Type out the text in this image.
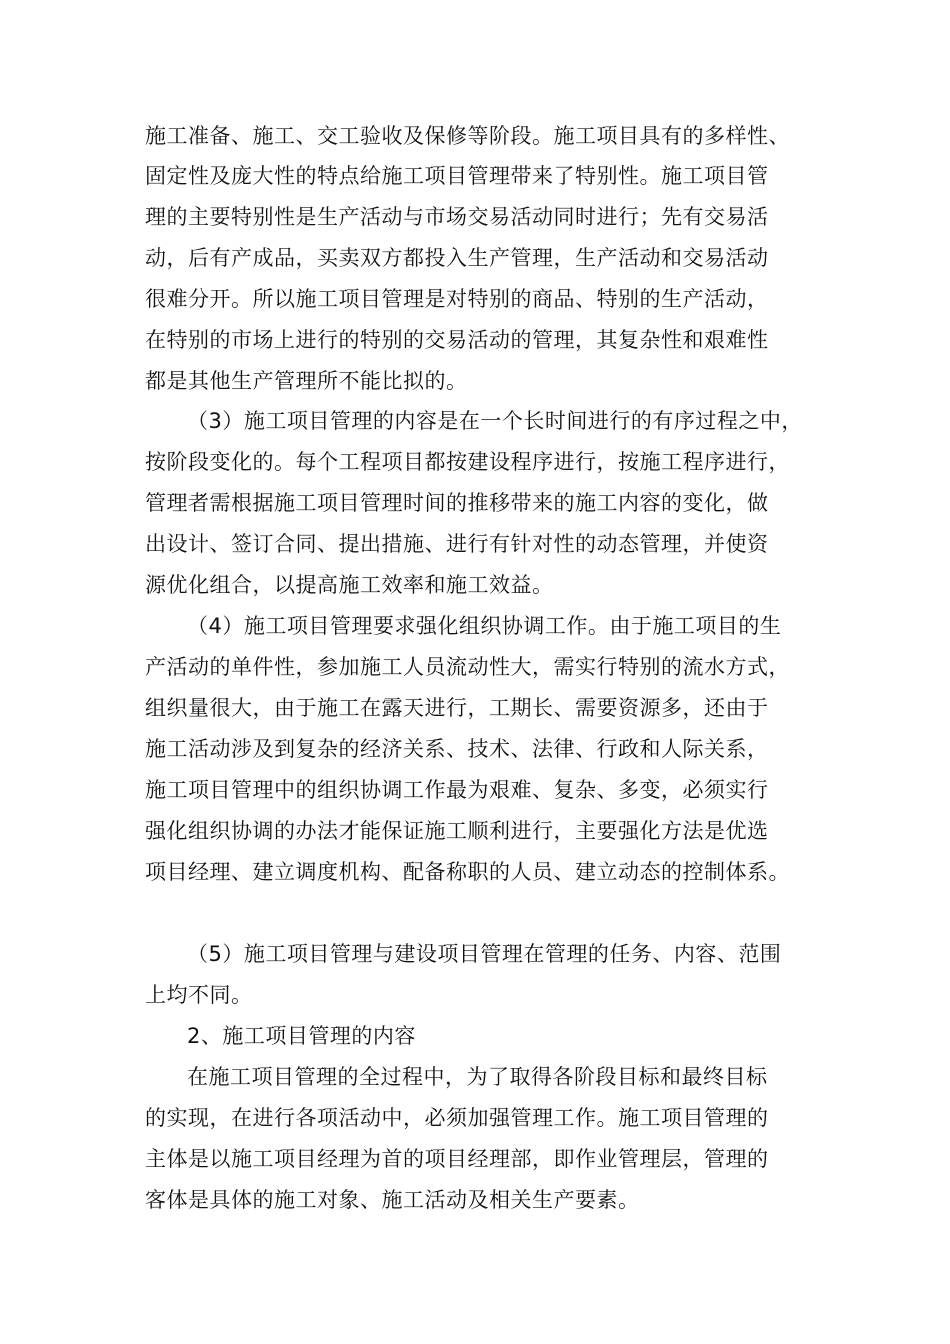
施工准备、施工、交工验收及保修等阶段。施工项目具有的多样性、
固定性及庞大性的特点给施工项目管理带来了特别性。施工项目管
理的主要特别性是生产活动与市场交易活动同时进行；先有交易活
动，后有产成品，买卖双方都投入生产管理，生产活动和交易活动
很难分开。所以施工项目管理是对特别的商品、特别的生产活动，
在特别的市场上进行的特别的交易活动的管理，其复杂性和艰难性
都是其他生产管理所不能比拟的。
（3）施工项目管理的内容是在一个长时间进行的有序过程之中，
按阶段变化的。每个工程项目都按建设程序进行，按施工程序进行，
管理者需根据施工项目管理时间的推移带来的施工内容的变化，做
出设计、签订合同、提出措施、进行有针对性的动态管理，并使资
源优化组合，以提高施工效率和施工效益。
（4）施工项目管理要求强化组织协调工作。由于施工项目的生
产活动的单件性，参加施工人员流动性大，需实行特别的流水方式，
组织量很大，由于施工在露天进行，工期长、需要资源多，还由于
施工活动涉及到复杂的经济关系、技术、法律、行政和人际关系，
施工项目管理中的组织协调工作最为艰难、复杂、多变，必须实行
强化组织协调的办法才能保证施工顺利进行，主要强化方法是优选
项目经理、建立调度机构、配备称职的人员、建立动态的控制体系。
（5）施工项目管理与建设项目管理在管理的任务、内容、范围
上均不同。
2、施工项目管理的内容
在施工项目管理的全过程中，为了取得各阶段目标和最终目标
的实现，在进行各项活动中，必须加强管理工作。施工项目管理的
主体是以施工项目经理为首的项目经理部，即作业管理层，管理的
客体是具体的施工对象、施工活动及相关生产要素。
